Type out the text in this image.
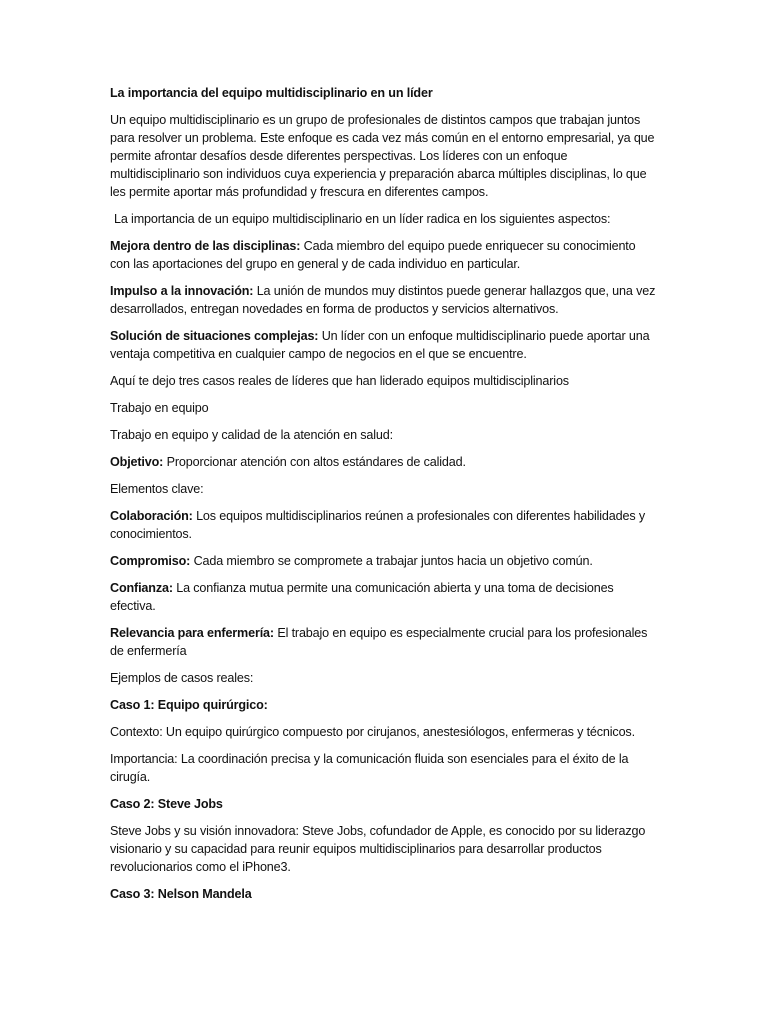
La importancia del equipo multidisciplinario en un líder

Un equipo multidisciplinario es un grupo de profesionales de distintos campos que trabajan juntos para resolver un problema. Este enfoque es cada vez más común en el entorno empresarial, ya que permite afrontar desafíos desde diferentes perspectivas. Los líderes con un enfoque multidisciplinario son individuos cuya experiencia y preparación abarca múltiples disciplinas, lo que les permite aportar más profundidad y frescura en diferentes campos.

La importancia de un equipo multidisciplinario en un líder radica en los siguientes aspectos:

Mejora dentro de las disciplinas: Cada miembro del equipo puede enriquecer su conocimiento con las aportaciones del grupo en general y de cada individuo en particular.

Impulso a la innovación: La unión de mundos muy distintos puede generar hallazgos que, una vez desarrollados, entregan novedades en forma de productos y servicios alternativos.

Solución de situaciones complejas: Un líder con un enfoque multidisciplinario puede aportar una ventaja competitiva en cualquier campo de negocios en el que se encuentre.

Aquí te dejo tres casos reales de líderes que han liderado equipos multidisciplinarios

Trabajo en equipo

Trabajo en equipo y calidad de la atención en salud:

Objetivo: Proporcionar atención con altos estándares de calidad.

Elementos clave:

Colaboración: Los equipos multidisciplinarios reúnen a profesionales con diferentes habilidades y conocimientos.

Compromiso: Cada miembro se compromete a trabajar juntos hacia un objetivo común.

Confianza: La confianza mutua permite una comunicación abierta y una toma de decisiones efectiva.

Relevancia para enfermería: El trabajo en equipo es especialmente crucial para los profesionales de enfermería

Ejemplos de casos reales:

Caso 1: Equipo quirúrgico:

Contexto: Un equipo quirúrgico compuesto por cirujanos, anestesiólogos, enfermeras y técnicos.

Importancia: La coordinación precisa y la comunicación fluida son esenciales para el éxito de la cirugía.

Caso 2: Steve Jobs

Steve Jobs y su visión innovadora: Steve Jobs, cofundador de Apple, es conocido por su liderazgo visionario y su capacidad para reunir equipos multidisciplinarios para desarrollar productos revolucionarios como el iPhone3.

Caso 3: Nelson Mandela
